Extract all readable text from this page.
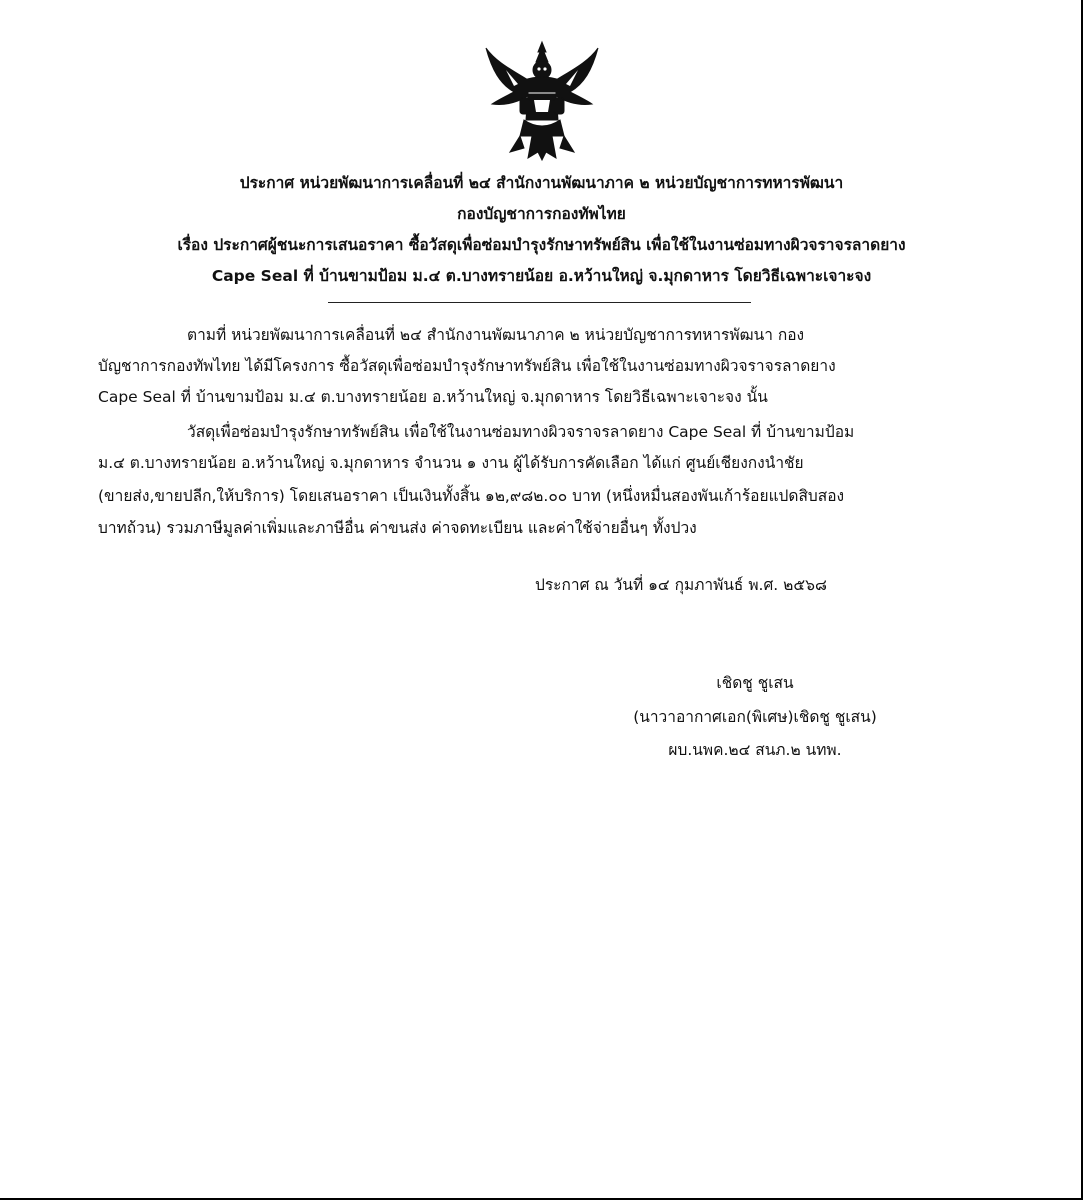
ประกาศ หน่วยพัฒนาการเคลื่อนที่ ๒๔ สำนักงานพัฒนาภาค ๒ หน่วยบัญชาการทหารพัฒนา
กองบัญชาการกองทัพไทย
เรื่อง ประกาศผู้ชนะการเสนอราคา ซื้อวัสดุเพื่อซ่อมบำรุงรักษาทรัพย์สิน เพื่อใช้ในงานซ่อมทางผิวจราจรลาดยาง
Cape Seal ที่ บ้านขามป้อม ม.๔ ต.บางทรายน้อย อ.หว้านใหญ่ จ.มุกดาหาร โดยวิธีเฉพาะเจาะจง
ตามที่ หน่วยพัฒนาการเคลื่อนที่ ๒๔ สำนักงานพัฒนาภาค ๒ หน่วยบัญชาการทหารพัฒนา กอง
บัญชาการกองทัพไทย ได้มีโครงการ ซื้อวัสดุเพื่อซ่อมบำรุงรักษาทรัพย์สิน เพื่อใช้ในงานซ่อมทางผิวจราจรลาดยาง
Cape Seal ที่ บ้านขามป้อม ม.๔ ต.บางทรายน้อย อ.หว้านใหญ่ จ.มุกดาหาร โดยวิธีเฉพาะเจาะจง นั้น
วัสดุเพื่อซ่อมบำรุงรักษาทรัพย์สิน เพื่อใช้ในงานซ่อมทางผิวจราจรลาดยาง Cape Seal ที่ บ้านขามป้อม
ม.๔ ต.บางทรายน้อย อ.หว้านใหญ่ จ.มุกดาหาร จำนวน ๑ งาน ผู้ได้รับการคัดเลือก ได้แก่ ศูนย์เชียงกงนำชัย
(ขายส่ง,ขายปลีก,ให้บริการ) โดยเสนอราคา เป็นเงินทั้งสิ้น ๑๒,๙๘๒.๐๐ บาท (หนึ่งหมื่นสองพันเก้าร้อยแปดสิบสอง
บาทถ้วน) รวมภาษีมูลค่าเพิ่มและภาษีอื่น ค่าขนส่ง ค่าจดทะเบียน และค่าใช้จ่ายอื่นๆ ทั้งปวง
ประกาศ ณ วันที่ ๑๔ กุมภาพันธ์ พ.ศ. ๒๕๖๘
เชิดชู ชูเสน
(นาวาอากาศเอก(พิเศษ)เชิดชู ชูเสน)
ผบ.นพค.๒๔ สนภ.๒ นทพ.
